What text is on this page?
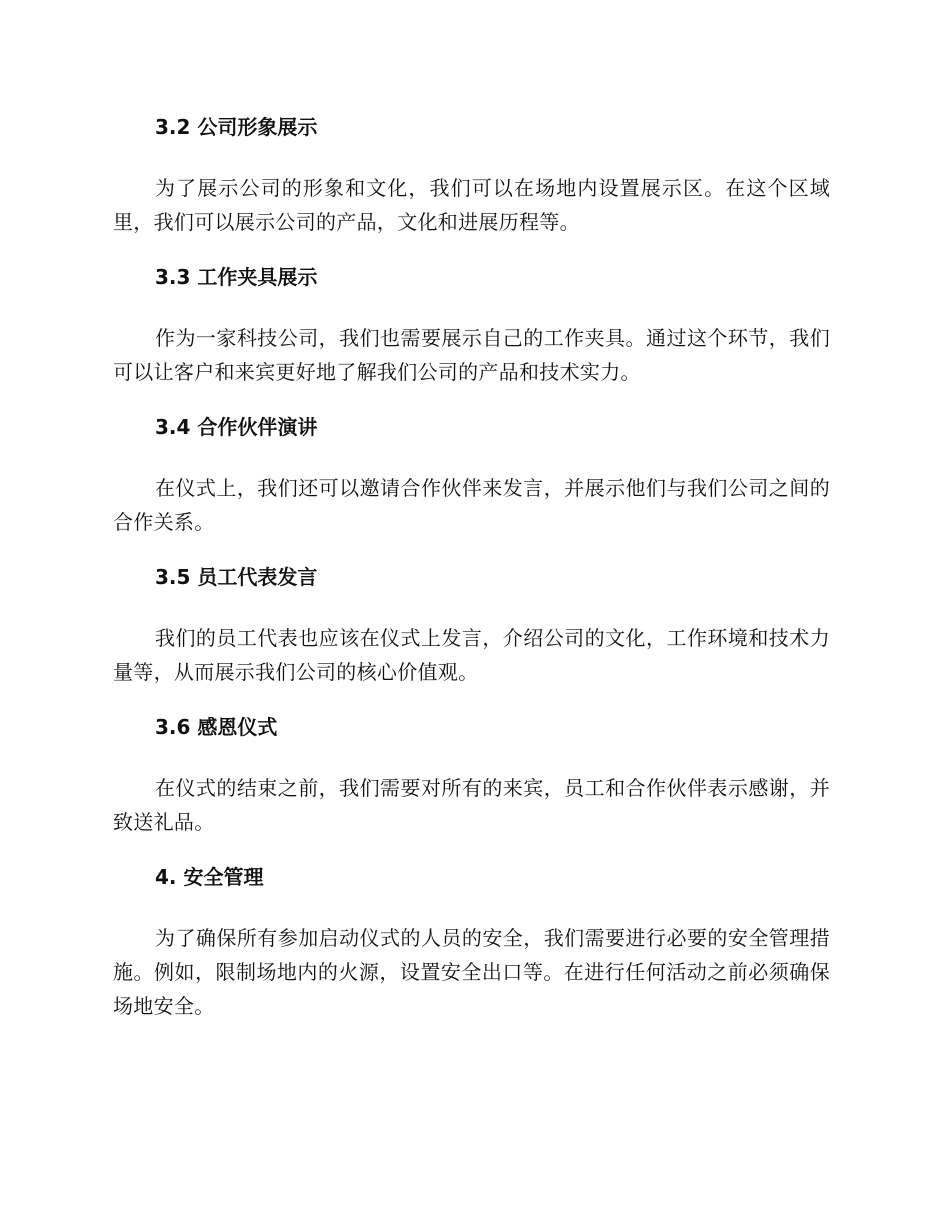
3.2 公司形象展示

为了展示公司的形象和文化，我们可以在场地内设置展示区。在这个区域里，我们可以展示公司的产品，文化和进展历程等。

3.3 工作夹具展示

作为一家科技公司，我们也需要展示自己的工作夹具。通过这个环节，我们可以让客户和来宾更好地了解我们公司的产品和技术实力。

3.4 合作伙伴演讲

在仪式上，我们还可以邀请合作伙伴来发言，并展示他们与我们公司之间的合作关系。

3.5 员工代表发言

我们的员工代表也应该在仪式上发言，介绍公司的文化，工作环境和技术力量等，从而展示我们公司的核心价值观。

3.6 感恩仪式

在仪式的结束之前，我们需要对所有的来宾，员工和合作伙伴表示感谢，并致送礼品。

4. 安全管理

为了确保所有参加启动仪式的人员的安全，我们需要进行必要的安全管理措施。例如，限制场地内的火源，设置安全出口等。在进行任何活动之前必须确保场地安全。
